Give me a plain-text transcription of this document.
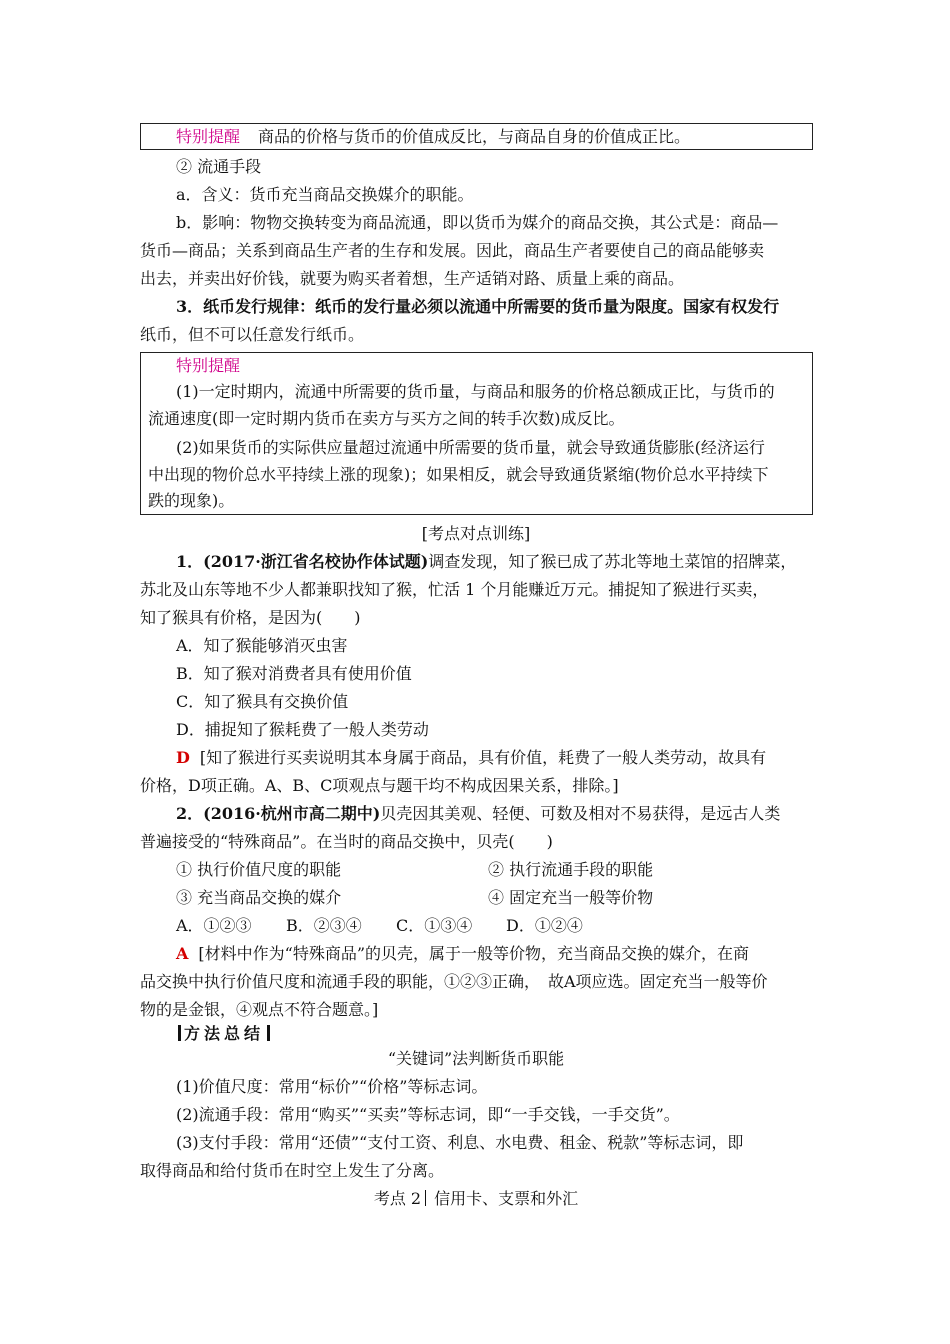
特别提醒 商品的价格与货币的价值成反比，与商品自身的价值成正比。
② 流通手段
a．含义：货币充当商品交换媒介的职能。
b．影响：物物交换转变为商品流通，即以货币为媒介的商品交换，其公式是：商品—
货币—商品；关系到商品生产者的生存和发展。因此，商品生产者要使自己的商品能够卖
出去，并卖出好价钱，就要为购买者着想，生产适销对路、质量上乘的商品。
3．纸币发行规律：纸币的发行量必须以流通中所需要的货币量为限度。国家有权发行
纸币，但不可以任意发行纸币。
特别提醒
(1)一定时期内，流通中所需要的货币量，与商品和服务的价格总额成正比，与货币的
流通速度(即一定时期内货币在卖方与买方之间的转手次数)成反比。
(2)如果货币的实际供应量超过流通中所需要的货币量，就会导致通货膨胀(经济运行
中出现的物价总水平持续上涨的现象)；如果相反，就会导致通货紧缩(物价总水平持续下
跌的现象)。
[考点对点训练]
1．(2017·浙江省名校协作体试题)调查发现，知了猴已成了苏北等地土菜馆的招牌菜，
苏北及山东等地不少人都兼职找知了猴，忙活 1 个月能赚近万元。捕捉知了猴进行买卖，
知了猴具有价格，是因为(　　)
A．知了猴能够消灭虫害
B．知了猴对消费者具有使用价值
C．知了猴具有交换价值
D．捕捉知了猴耗费了一般人类劳动
D [知了猴进行买卖说明其本身属于商品，具有价值，耗费了一般人类劳动，故具有
价格，D项正确。A、B、C项观点与题干均不构成因果关系，排除。]
2．(2016·杭州市高二期中)贝壳因其美观、轻便、可数及相对不易获得，是远古人类
普遍接受的“特殊商品”。在当时的商品交换中，贝壳(　　)
① 执行价值尺度的职能	② 执行流通手段的职能
③ 充当商品交换的媒介	④ 固定充当一般等价物
A．①②③ B．②③④ C．①③④ D．①②④
A [材料中作为“特殊商品”的贝壳，属于一般等价物，充当商品交换的媒介，在商
品交换中执行价值尺度和流通手段的职能，①②③正确，　故A项应选。固定充当一般等价
物的是金银，④观点不符合题意。]
方法总结
“关键词”法判断货币职能
(1)价值尺度：常用“标价”“价格”等标志词。
(2)流通手段：常用“购买”“买卖”等标志词，即“一手交钱，一手交货”。
(3)支付手段：常用“还债”“支付工资、利息、水电费、租金、税款”等标志词，即
取得商品和给付货币在时空上发生了分离。
考点 2 信用卡、支票和外汇
